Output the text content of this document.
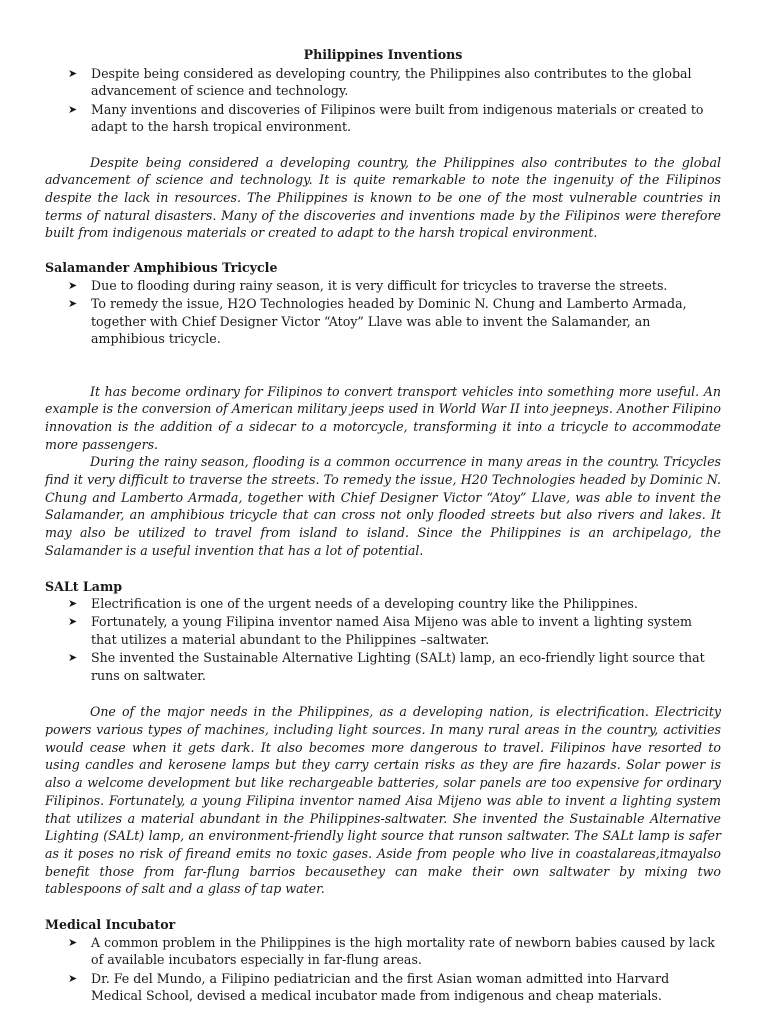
Philippines Inventions

➤ Despite being considered as developing country, the Philippines also contributes to the global advancement of science and technology.
➤ Many inventions and discoveries of Filipinos were built from indigenous materials or created to adapt to the harsh tropical environment.

Despite being considered a developing country, the Philippines also contributes to the global advancement of science and technology. It is quite remarkable to note the ingenuity of the Filipinos despite the lack in resources. The Philippines is known to be one of the most vulnerable countries in terms of natural disasters. Many of the discoveries and inventions made by the Filipinos were therefore built from indigenous materials or created to adapt to the harsh tropical environment.

Salamander Amphibious Tricycle

➤ Due to flooding during rainy season, it is very difficult for tricycles to traverse the streets.
➤ To remedy the issue, H2O Technologies headed by Dominic N. Chung and Lamberto Armada, together with Chief Designer Victor “Atoy” Llave was able to invent the Salamander, an amphibious tricycle.

It has become ordinary for Filipinos to convert transport vehicles into something more useful. An example is the conversion of American military jeeps used in World War II into jeepneys. Another Filipino innovation is the addition of a sidecar to a motorcycle, transforming it into a tricycle to accommodate more passengers.

During the rainy season, flooding is a common occurrence in many areas in the country. Tricycles find it very difficult to traverse the streets. To remedy the issue, H20 Technologies headed by Dominic N. Chung and Lamberto Armada, together with Chief Designer Victor “Atoy” Llave, was able to invent the Salamander, an amphibious tricycle that can cross not only flooded streets but also rivers and lakes. It may also be utilized to travel from island to island. Since the Philippines is an archipelago, the Salamander is a useful invention that has a lot of potential.

SALt Lamp

➤ Electrification is one of the urgent needs of a developing country like the Philippines.
➤ Fortunately, a young Filipina inventor named Aisa Mijeno was able to invent a lighting system that utilizes a material abundant to the Philippines –saltwater.
➤ She invented the Sustainable Alternative Lighting (SALt) lamp, an eco-friendly light source that runs on saltwater.

One of the major needs in the Philippines, as a developing nation, is electrification. Electricity powers various types of machines, including light sources. In many rural areas in the country, activities would cease when it gets dark. It also becomes more dangerous to travel. Filipinos have resorted to using candles and kerosene lamps but they carry certain risks as they are fire hazards. Solar power is also a welcome development but like rechargeable batteries, solar panels are too expensive for ordinary Filipinos. Fortunately, a young Filipina inventor named Aisa Mijeno was able to invent a lighting system that utilizes a material abundant in the Philippines-saltwater. She invented the Sustainable Alternative Lighting (SALt) lamp, an environment-friendly light source that runson saltwater. The SALt lamp is safer as it poses no risk of fireand emits no toxic gases. Aside from people who live in coastalareas,itmayalso benefit those from far-flung barrios becausethey can make their own saltwater by mixing two tablespoons of salt and a glass of tap water.

Medical Incubator

➤ A common problem in the Philippines is the high mortality rate of newborn babies caused by lack of available incubators especially in far-flung areas.
➤ Dr. Fe del Mundo, a Filipino pediatrician and the first Asian woman admitted into Harvard Medical School, devised a medical incubator made from indigenous and cheap materials.
